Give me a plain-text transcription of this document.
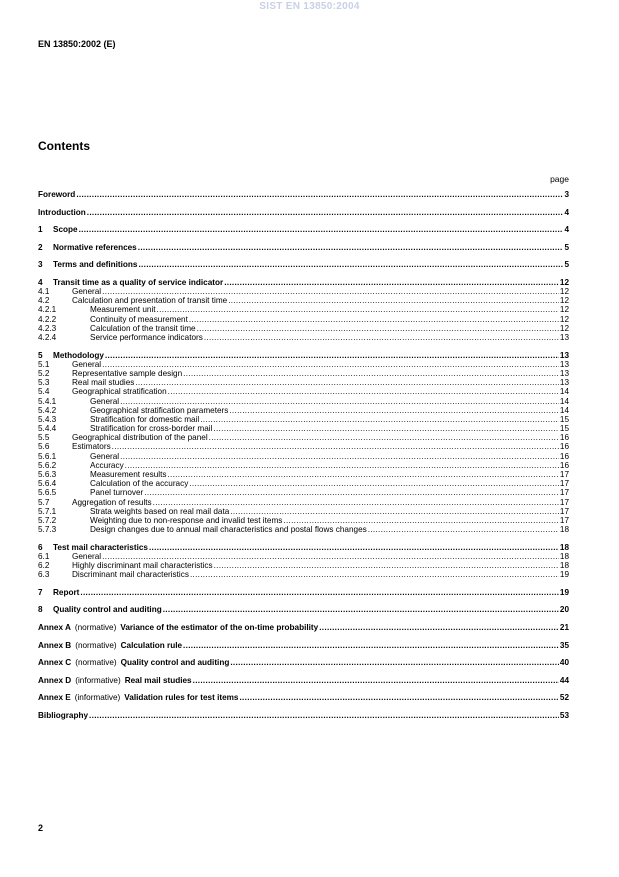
SIST EN 13850:2004
EN 13850:2002 (E)
Contents
page
Foreword .....	3
Introduction .....	4
1 Scope .....	4
2 Normative references .....	5
3 Terms and definitions .....	5
4 Transit time as a quality of service indicator .....	12
4.1	General .....	12
4.2	Calculation and presentation of transit time .....	12
4.2.1	Measurement unit .....	12
4.2.2	Continuity of measurement .....	12
4.2.3	Calculation of the transit time .....	12
4.2.4	Service performance indicators .....	13
5 Methodology .....	13
5.1	General .....	13
5.2	Representative sample design .....	13
5.3	Real mail studies .....	13
5.4	Geographical stratification .....	14
5.4.1	General .....	14
5.4.2	Geographical stratification parameters .....	14
5.4.3	Stratification for domestic mail .....	15
5.4.4	Stratification for cross-border mail .....	15
5.5	Geographical distribution of the panel .....	16
5.6	Estimators .....	16
5.6.1	General .....	16
5.6.2	Accuracy .....	16
5.6.3	Measurement results .....	17
5.6.4	Calculation of the accuracy .....	17
5.6.5	Panel turnover .....	17
5.7	Aggregation of results .....	17
5.7.1	Strata weights based on real mail data .....	17
5.7.2	Weighting due to non-response and invalid test items .....	17
5.7.3	Design changes due to annual mail characteristics and postal flows changes .....	18
6 Test mail characteristics .....	18
6.1	General .....	18
6.2	Highly discriminant mail characteristics .....	18
6.3	Discriminant mail characteristics .....	19
7 Report .....	19
8 Quality control and auditing .....	20
Annex A (normative) Variance of the estimator of the on-time probability .....	21
Annex B (normative) Calculation rule .....	35
Annex C (normative) Quality control and auditing .....	40
Annex D (informative) Real mail studies .....	44
Annex E (informative) Validation rules for test items .....	52
Bibliography .....	53
2
